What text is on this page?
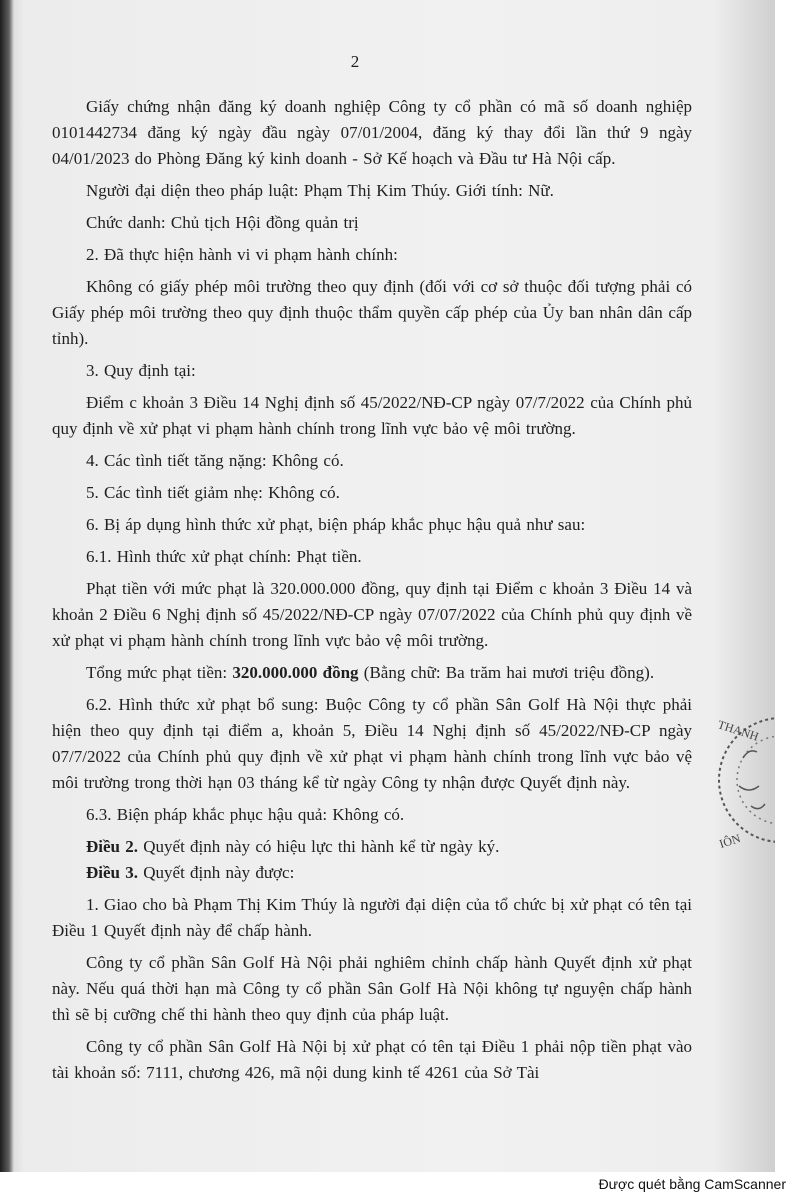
2

Giấy chứng nhận đăng ký doanh nghiệp Công ty cổ phần có mã số doanh nghiệp 0101442734 đăng ký ngày đầu ngày 07/01/2004, đăng ký thay đổi lần thứ 9 ngày 04/01/2023 do Phòng Đăng ký kinh doanh - Sở Kế hoạch và Đầu tư Hà Nội cấp.

Người đại diện theo pháp luật: Phạm Thị Kim Thúy. Giới tính: Nữ.

Chức danh: Chủ tịch Hội đồng quản trị

2. Đã thực hiện hành vi vi phạm hành chính:

Không có giấy phép môi trường theo quy định (đối với cơ sở thuộc đối tượng phải có Giấy phép môi trường theo quy định thuộc thẩm quyền cấp phép của Ủy ban nhân dân cấp tỉnh).

3. Quy định tại:

Điểm c khoản 3 Điều 14 Nghị định số 45/2022/NĐ-CP ngày 07/7/2022 của Chính phủ quy định về xử phạt vi phạm hành chính trong lĩnh vực bảo vệ môi trường.

4. Các tình tiết tăng nặng: Không có.

5. Các tình tiết giảm nhẹ: Không có.

6. Bị áp dụng hình thức xử phạt, biện pháp khắc phục hậu quả như sau:

6.1. Hình thức xử phạt chính: Phạt tiền.

Phạt tiền với mức phạt là 320.000.000 đồng, quy định tại Điểm c khoản 3 Điều 14 và khoản 2 Điều 6 Nghị định số 45/2022/NĐ-CP ngày 07/07/2022 của Chính phủ quy định về xử phạt vi phạm hành chính trong lĩnh vực bảo vệ môi trường.

Tổng mức phạt tiền: 320.000.000 đồng (Bằng chữ: Ba trăm hai mươi triệu đồng).

6.2. Hình thức xử phạt bổ sung: Buộc Công ty cổ phần Sân Golf Hà Nội thực phải hiện theo quy định tại điểm a, khoản 5, Điều 14 Nghị định số 45/2022/NĐ-CP ngày 07/7/2022 của Chính phủ quy định về xử phạt vi phạm hành chính trong lĩnh vực bảo vệ môi trường trong thời hạn 03 tháng kể từ ngày Công ty nhận được Quyết định này.

6.3. Biện pháp khắc phục hậu quả: Không có.

Điều 2. Quyết định này có hiệu lực thi hành kể từ ngày ký.

Điều 3. Quyết định này được:

1. Giao cho bà Phạm Thị Kim Thúy là người đại diện của tổ chức bị xử phạt có tên tại Điều 1 Quyết định này để chấp hành.

Công ty cổ phần Sân Golf Hà Nội phải nghiêm chỉnh chấp hành Quyết định xử phạt này. Nếu quá thời hạn mà Công ty cổ phần Sân Golf Hà Nội không tự nguyện chấp hành thì sẽ bị cưỡng chế thi hành theo quy định của pháp luật.

Công ty cổ phần Sân Golf Hà Nội bị xử phạt có tên tại Điều 1 phải nộp tiền phạt vào tài khoản số: 7111, chương 426, mã nội dung kinh tế 4261 của Sở Tài

THANH
IÔN
Được quét bằng CamScanner
